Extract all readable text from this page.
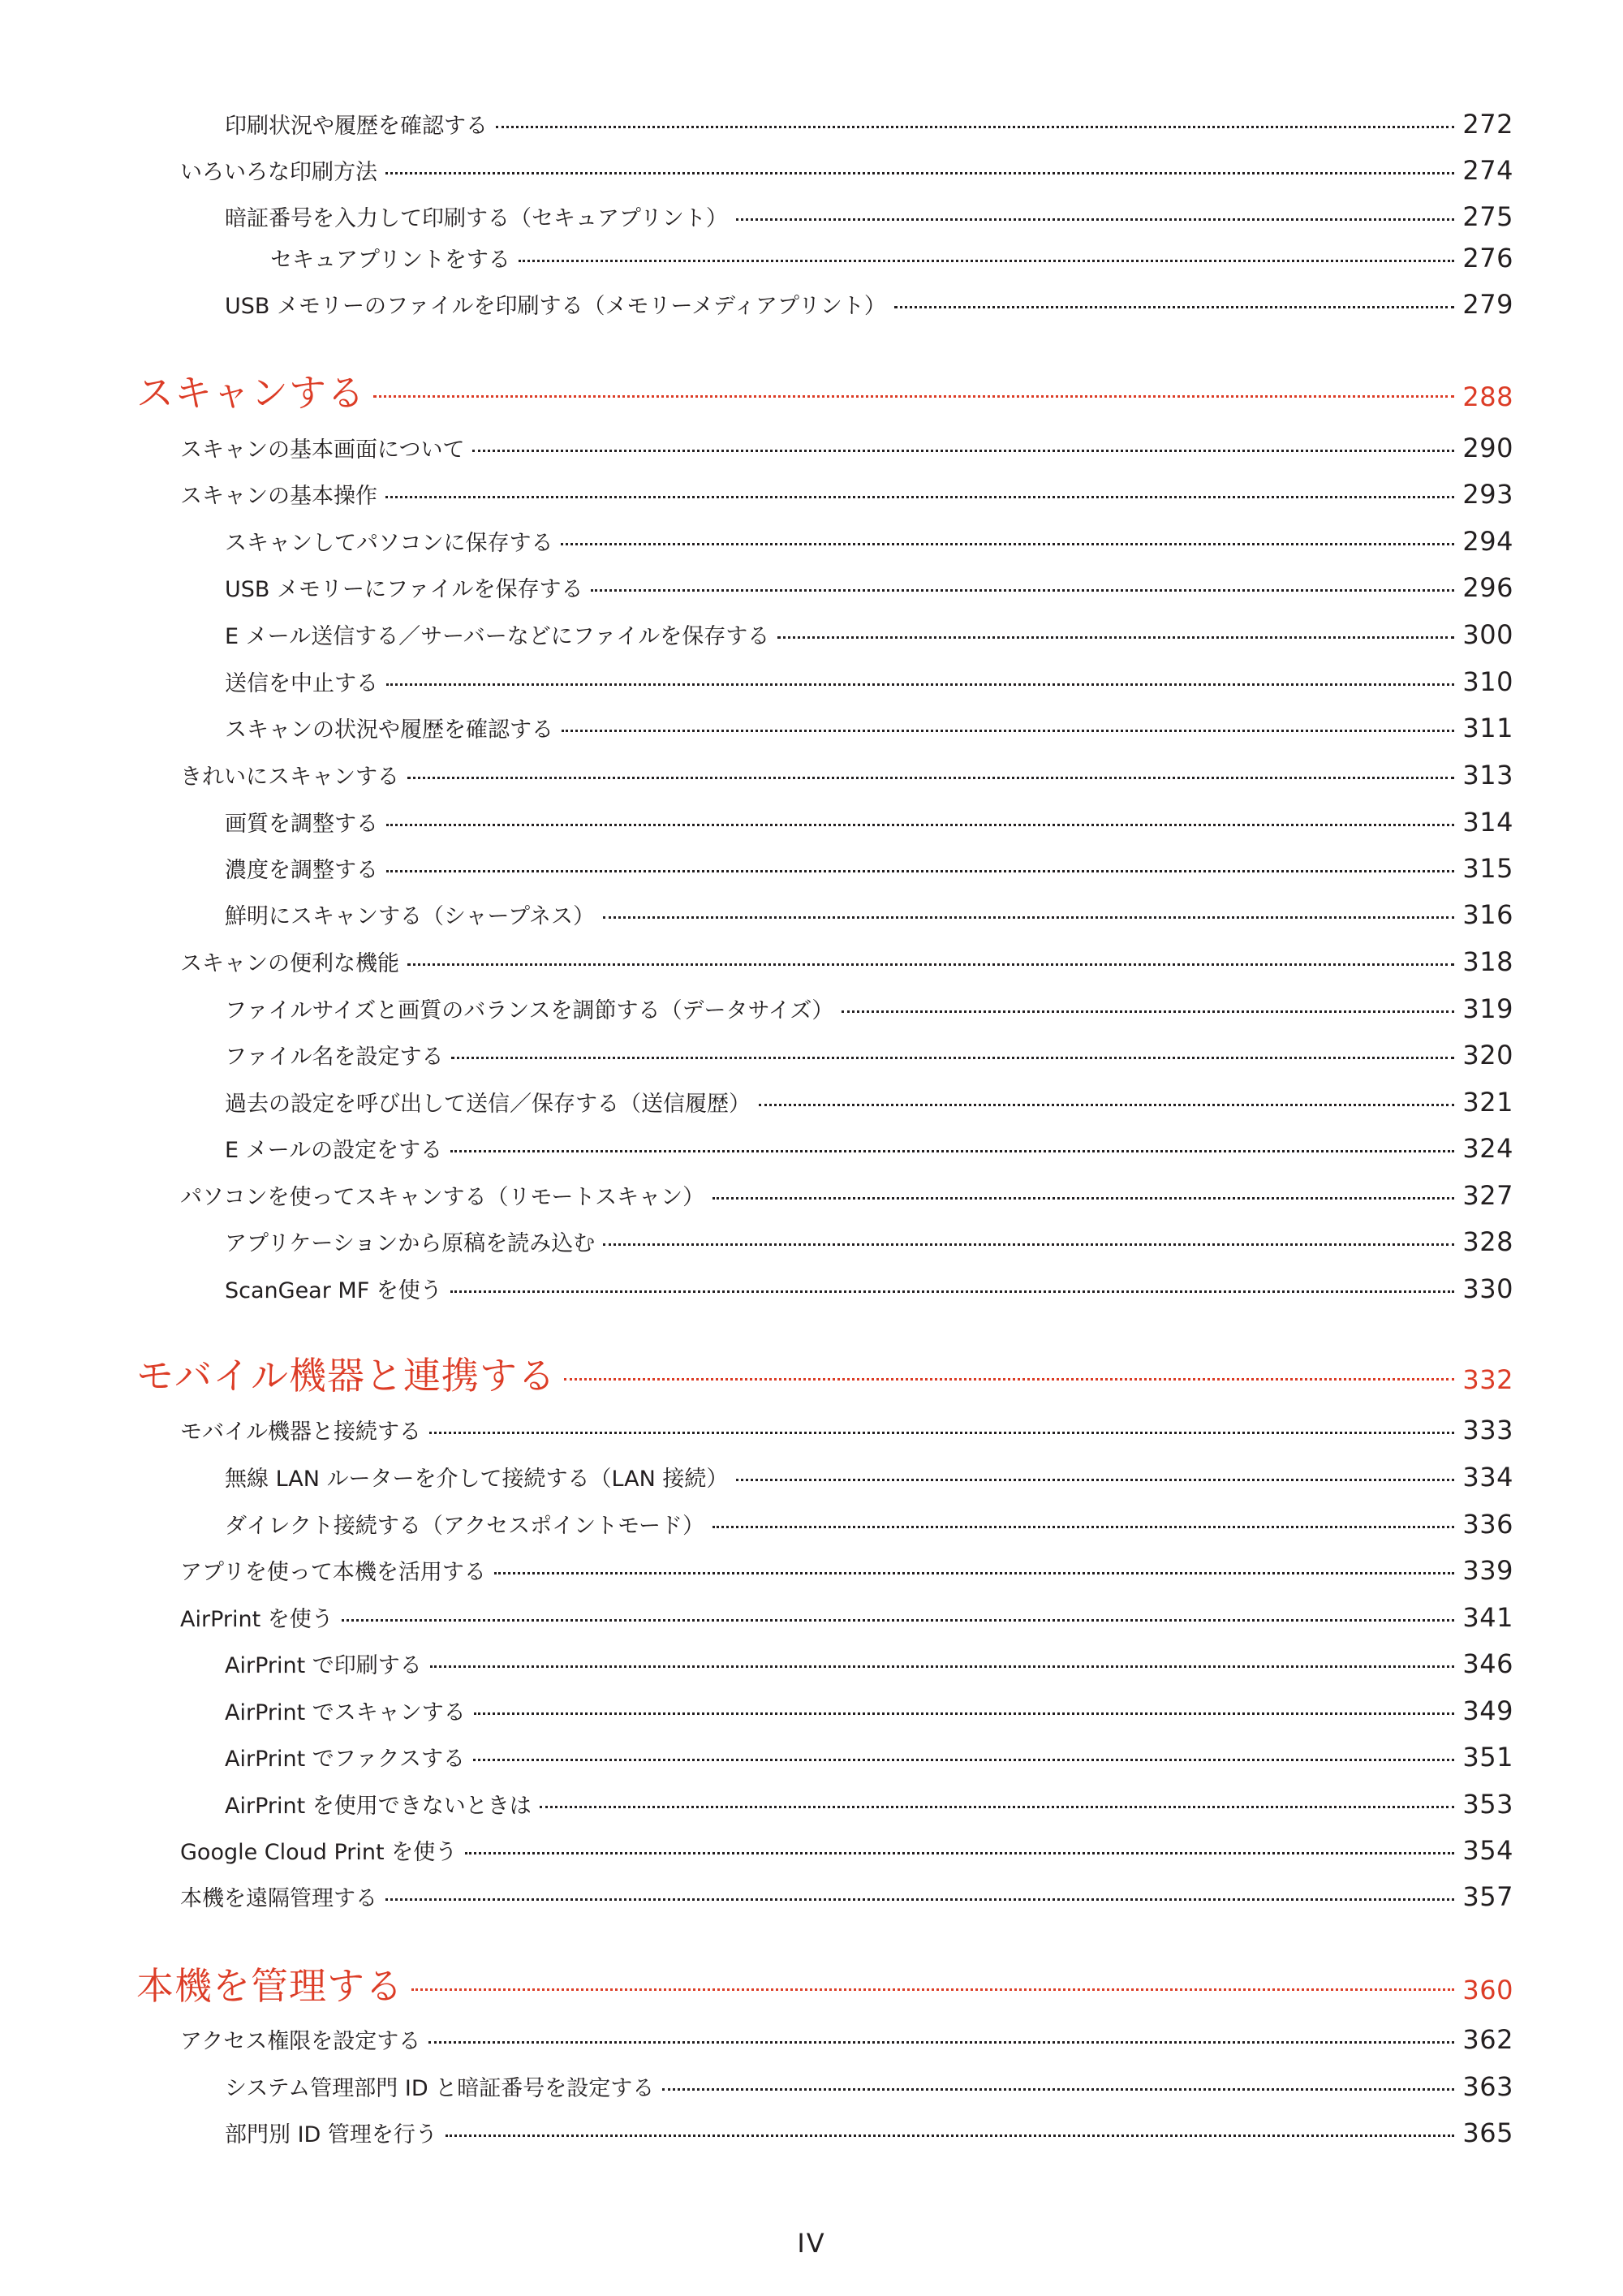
印刷状況や履歴を確認する	272
いろいろな印刷方法	274
暗証番号を入力して印刷する（セキュアプリント）	275
セキュアプリントをする	276
USB メモリーのファイルを印刷する（メモリーメディアプリント）	279
スキャンする	288
スキャンの基本画面について	290
スキャンの基本操作	293
スキャンしてパソコンに保存する	294
USB メモリーにファイルを保存する	296
E メール送信する／サーバーなどにファイルを保存する	300
送信を中止する	310
スキャンの状況や履歴を確認する	311
きれいにスキャンする	313
画質を調整する	314
濃度を調整する	315
鮮明にスキャンする（シャープネス）	316
スキャンの便利な機能	318
ファイルサイズと画質のバランスを調節する（データサイズ）	319
ファイル名を設定する	320
過去の設定を呼び出して送信／保存する（送信履歴）	321
E メールの設定をする	324
パソコンを使ってスキャンする（リモートスキャン）	327
アプリケーションから原稿を読み込む	328
ScanGear MF を使う	330
モバイル機器と連携する	332
モバイル機器と接続する	333
無線 LAN ルーターを介して接続する（LAN 接続）	334
ダイレクト接続する（アクセスポイントモード）	336
アプリを使って本機を活用する	339
AirPrint を使う	341
AirPrint で印刷する	346
AirPrint でスキャンする	349
AirPrint でファクスする	351
AirPrint を使用できないときは	353
Google Cloud Print を使う	354
本機を遠隔管理する	357
本機を管理する	360
アクセス権限を設定する	362
システム管理部門 ID と暗証番号を設定する	363
部門別 ID 管理を行う	365
IV
